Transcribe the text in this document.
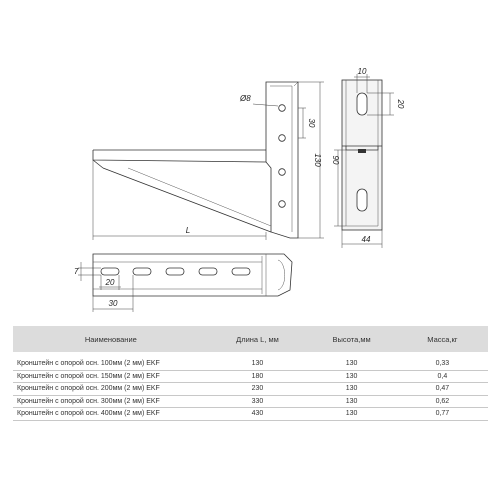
Ø8
30
130
L
10
20
90
44
7
20
30
Наименование	Длина L, мм	Высота,мм	Масса,кг

Кронштейн с опорой осн. 100мм (2 мм) EKF	130	130	0,33
Кронштейн с опорой осн. 150мм (2 мм) EKF	180	130	0,4
Кронштейн с опорой осн. 200мм (2 мм) EKF	230	130	0,47
Кронштейн с опорой осн. 300мм (2 мм) EKF	330	130	0,62
Кронштейн с опорой осн. 400мм (2 мм) EKF	430	130	0,77
